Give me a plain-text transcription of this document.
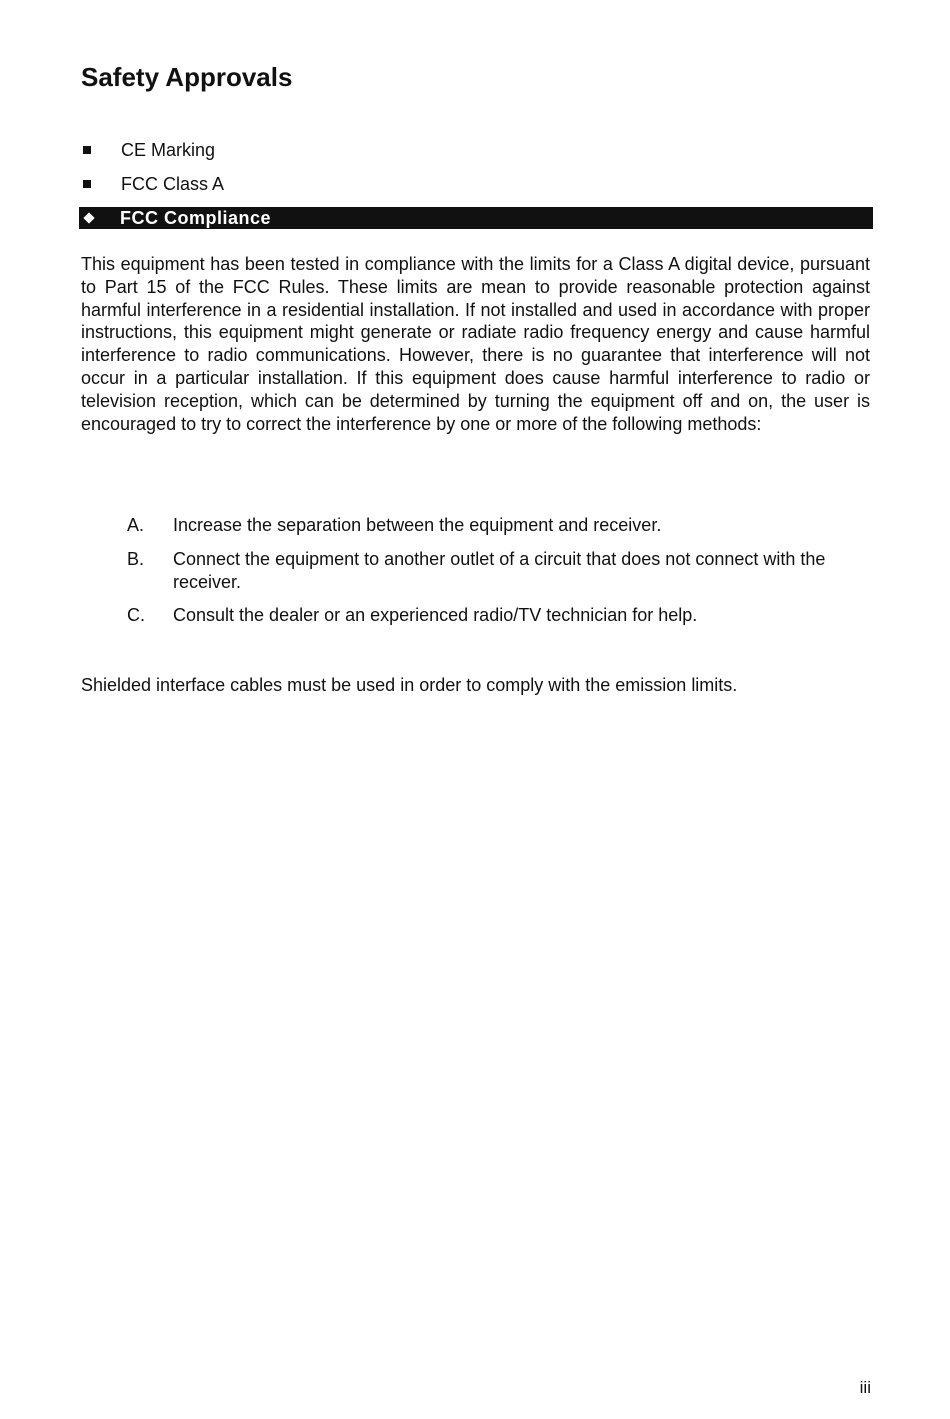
Safety Approvals
CE Marking
FCC Class A
FCC Compliance

This equipment has been tested in compliance with the limits for a Class A digital device, pursuant to Part 15 of the FCC Rules. These limits are mean to provide reasonable protection against harmful interference in a residential installation. If not installed and used in accordance with proper instructions, this equipment might generate or radiate radio frequency energy and cause harmful interference to radio communications. However, there is no guarantee that interference will not occur in a particular installation. If this equipment does cause harmful interference to radio or television reception, which can be determined by turning the equipment off and on, the user is encouraged to try to correct the interference by one or more of the following methods:

A.	Increase the separation between the equipment and receiver.
B.	Connect the equipment to another outlet of a circuit that does not connect with the receiver.
C.	Consult the dealer or an experienced radio/TV technician for help.

Shielded interface cables must be used in order to comply with the emission limits.

iii
